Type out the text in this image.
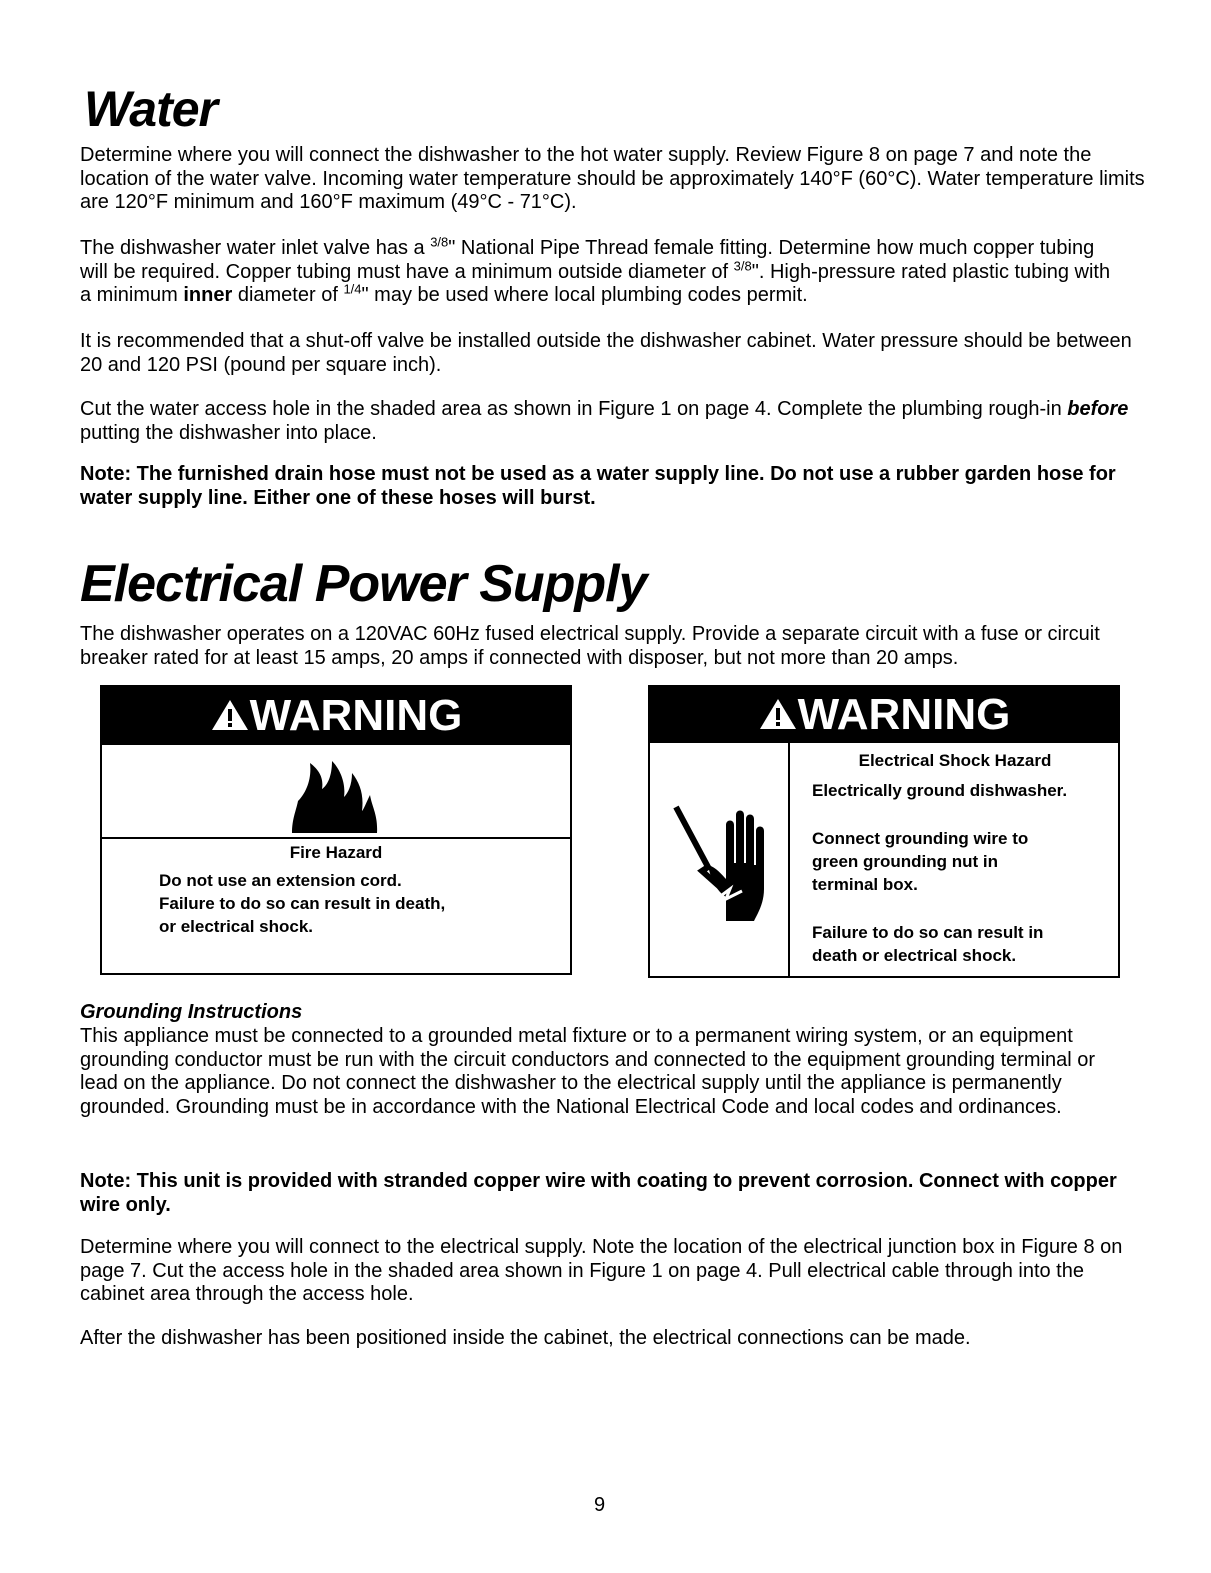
Water

Determine where you will connect the dishwasher to the hot water supply. Review Figure 8 on page 7 and note the location of the water valve. Incoming water temperature should be approximately 140°F (60°C). Water temperature limits are 120°F minimum and 160°F maximum (49°C - 71°C).

The dishwasher water inlet valve has a $^{3/8}$" National Pipe Thread female fitting. Determine how much copper tubing will be required. Copper tubing must have a minimum outside diameter of $^{3/8}$". High-pressure rated plastic tubing with a minimum inner diameter of $^{1/4}$" may be used where local plumbing codes permit.

It is recommended that a shut-off valve be installed outside the dishwasher cabinet. Water pressure should be between 20 and 120 PSI (pound per square inch).

Cut the water access hole in the shaded area as shown in Figure 1 on page 4. Complete the plumbing rough-in before putting the dishwasher into place.

Note: The furnished drain hose must not be used as a water supply line. Do not use a rubber garden hose for water supply line. Either one of these hoses will burst.

Electrical Power Supply

The dishwasher operates on a 120VAC 60Hz fused electrical supply. Provide a separate circuit with a fuse or circuit breaker rated for at least 15 amps, 20 amps if connected with disposer, but not more than 20 amps.

WARNING
Fire Hazard
Do not use an extension cord.
Failure to do so can result in death,
or electrical shock.
WARNING
Electrical Shock Hazard
Electrically ground dishwasher.
Connect grounding wire to
green grounding nut in
terminal box.
Failure to do so can result in
death or electrical shock.
Grounding Instructions

This appliance must be connected to a grounded metal fixture or to a permanent wiring system, or an equipment grounding conductor must be run with the circuit conductors and connected to the equipment grounding terminal or lead on the appliance. Do not connect the dishwasher to the electrical supply until the appliance is permanently grounded. Grounding must be in accordance with the National Electrical Code and local codes and ordinances.

Note: This unit is provided with stranded copper wire with coating to prevent corrosion. Connect with copper wire only.

Determine where you will connect to the electrical supply. Note the location of the electrical junction box in Figure 8 on page 7. Cut the access hole in the shaded area shown in Figure 1 on page 4. Pull electrical cable through into the cabinet area through the access hole.

After the dishwasher has been positioned inside the cabinet, the electrical connections can be made.

9
